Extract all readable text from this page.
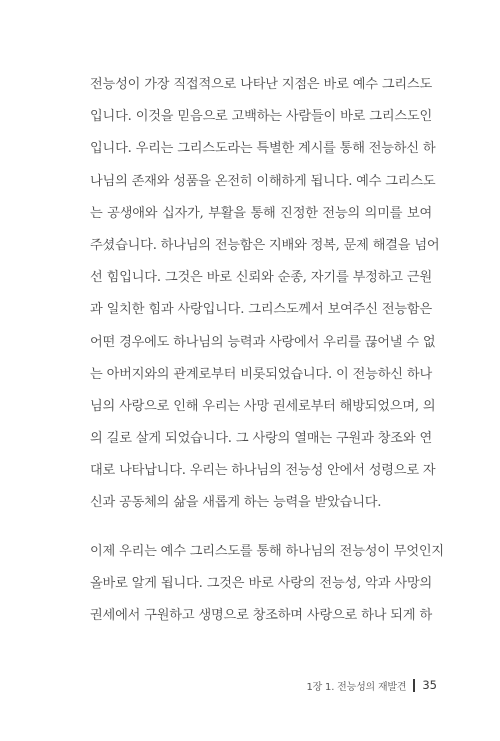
전능성이 가장 직접적으로 나타난 지점은 바로 예수 그리스도
입니다. 이것을 믿음으로 고백하는 사람들이 바로 그리스도인
입니다. 우리는 그리스도라는 특별한 계시를 통해 전능하신 하
나님의 존재와 성품을 온전히 이해하게 됩니다. 예수 그리스도
는 공생애와 십자가, 부활을 통해 진정한 전능의 의미를 보여
주셨습니다. 하나님의 전능함은 지배와 정복, 문제 해결을 넘어
선 힘입니다. 그것은 바로 신뢰와 순종, 자기를 부정하고 근원
과 일치한 힘과 사랑입니다. 그리스도께서 보여주신 전능함은
어떤 경우에도 하나님의 능력과 사랑에서 우리를 끊어낼 수 없
는 아버지와의 관계로부터 비롯되었습니다. 이 전능하신 하나
님의 사랑으로 인해 우리는 사망 권세로부터 해방되었으며, 의
의 길로 살게 되었습니다. 그 사랑의 열매는 구원과 창조와 연
대로 나타납니다. 우리는 하나님의 전능성 안에서 성령으로 자
신과 공동체의 삶을 새롭게 하는 능력을 받았습니다.
이제 우리는 예수 그리스도를 통해 하나님의 전능성이 무엇인지
올바로 알게 됩니다. 그것은 바로 사랑의 전능성, 악과 사망의
권세에서 구원하고 생명으로 창조하며 사랑으로 하나 되게 하
1장 1. 전능성의 재발견 35
